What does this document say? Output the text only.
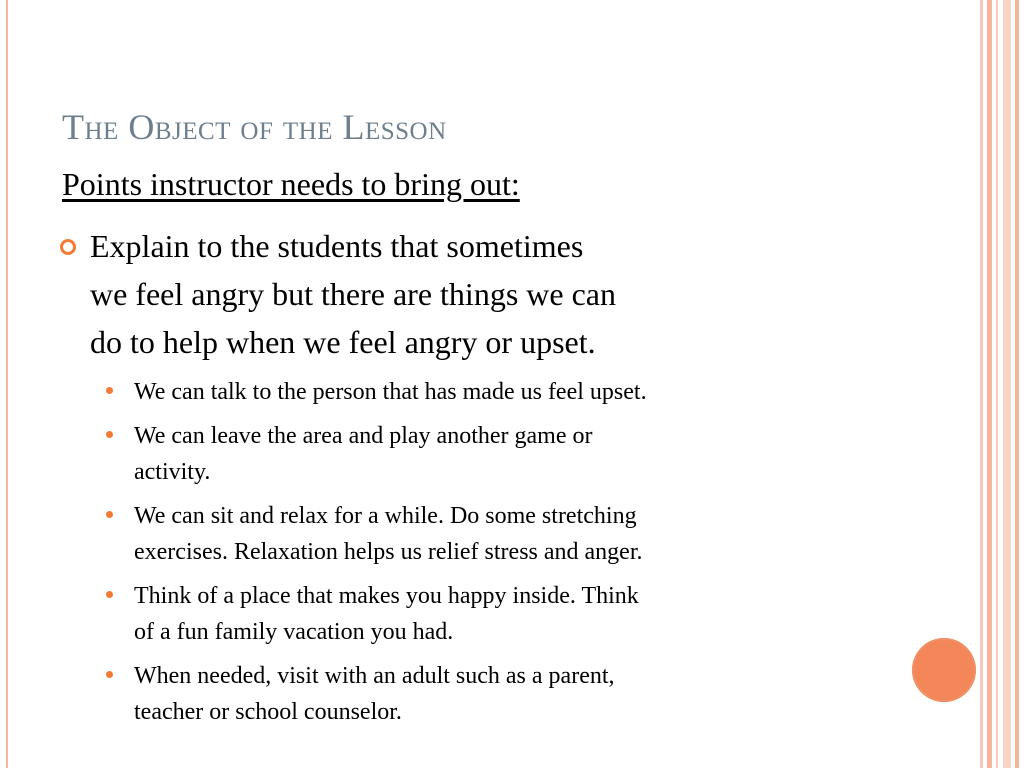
The Object of the Lesson
Points instructor needs to bring out:
Explain to the students that sometimes
we feel angry but there are things we can
do to help when we feel angry or upset.
We can talk to the person that has made us feel upset.
We can leave the area and play another game or
activity.
We can sit and relax for a while. Do some stretching
exercises. Relaxation helps us relief stress and anger.
Think of a place that makes you happy inside. Think
of a fun family vacation you had.
When needed, visit with an adult such as a parent,
teacher or school counselor.
